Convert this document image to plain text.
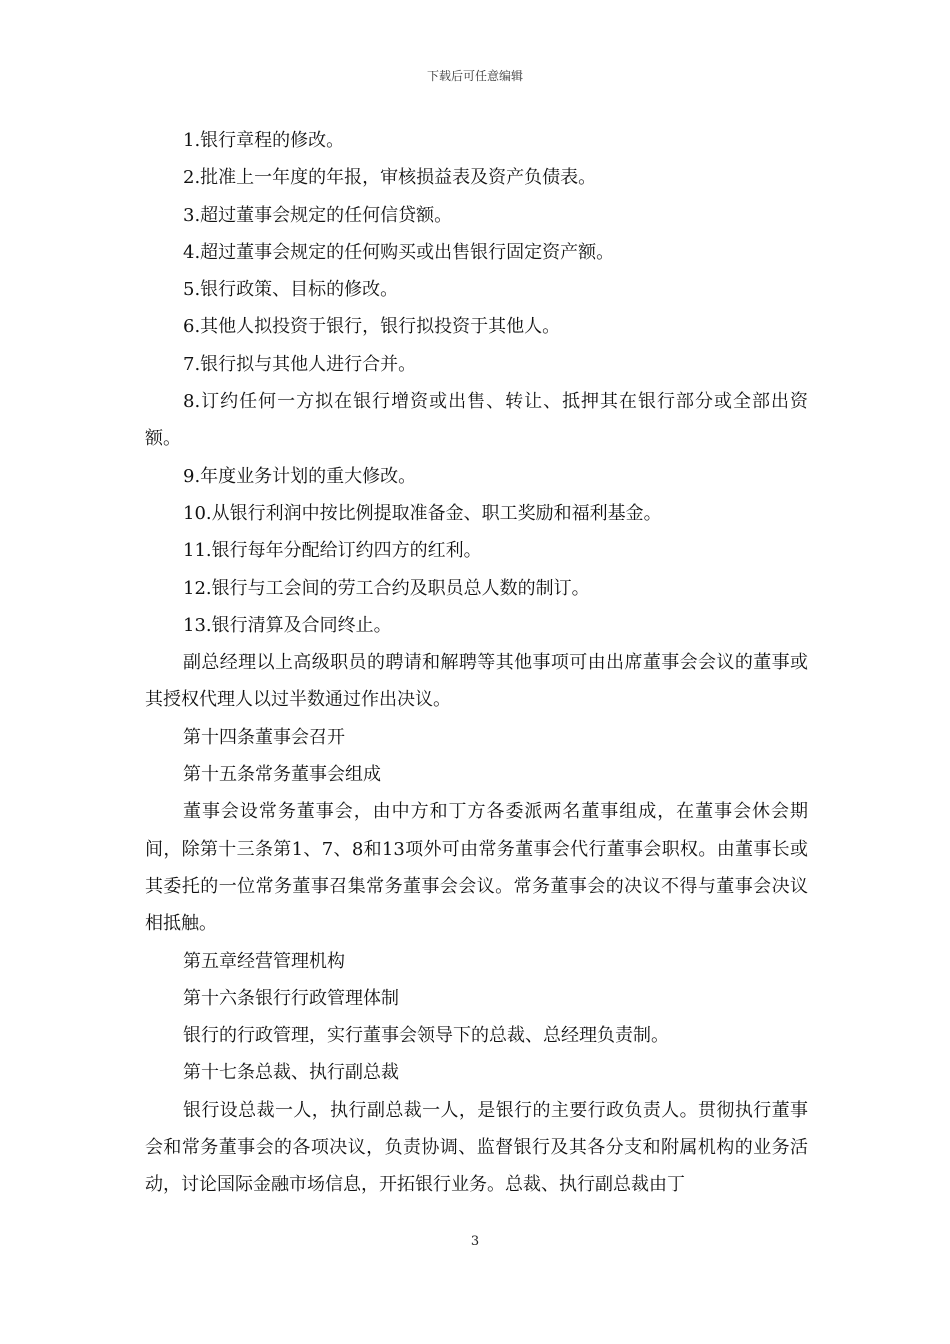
下载后可任意编辑

1.银行章程的修改。

2.批准上一年度的年报，审核损益表及资产负债表。

3.超过董事会规定的任何信贷额。

4.超过董事会规定的任何购买或出售银行固定资产额。

5.银行政策、目标的修改。

6.其他人拟投资于银行，银行拟投资于其他人。

7.银行拟与其他人进行合并。

8.订约任何一方拟在银行增资或出售、转让、抵押其在银行部分或全部出资额。

9.年度业务计划的重大修改。

10.从银行利润中按比例提取准备金、职工奖励和福利基金。

11.银行每年分配给订约四方的红利。

12.银行与工会间的劳工合约及职员总人数的制订。

13.银行清算及合同终止。

副总经理以上高级职员的聘请和解聘等其他事项可由出席董事会会议的董事或其授权代理人以过半数通过作出决议。

第十四条董事会召开

第十五条常务董事会组成

董事会设常务董事会，由中方和丁方各委派两名董事组成，在董事会休会期间，除第十三条第1、7、8和13项外可由常务董事会代行董事会职权。由董事长或其委托的一位常务董事召集常务董事会会议。常务董事会的决议不得与董事会决议相抵触。

第五章经营管理机构

第十六条银行行政管理体制

银行的行政管理，实行董事会领导下的总裁、总经理负责制。

第十七条总裁、执行副总裁

银行设总裁一人，执行副总裁一人，是银行的主要行政负责人。贯彻执行董事会和常务董事会的各项决议，负责协调、监督银行及其各分支和附属机构的业务活动，讨论国际金融市场信息，开拓银行业务。总裁、执行副总裁由丁

3
